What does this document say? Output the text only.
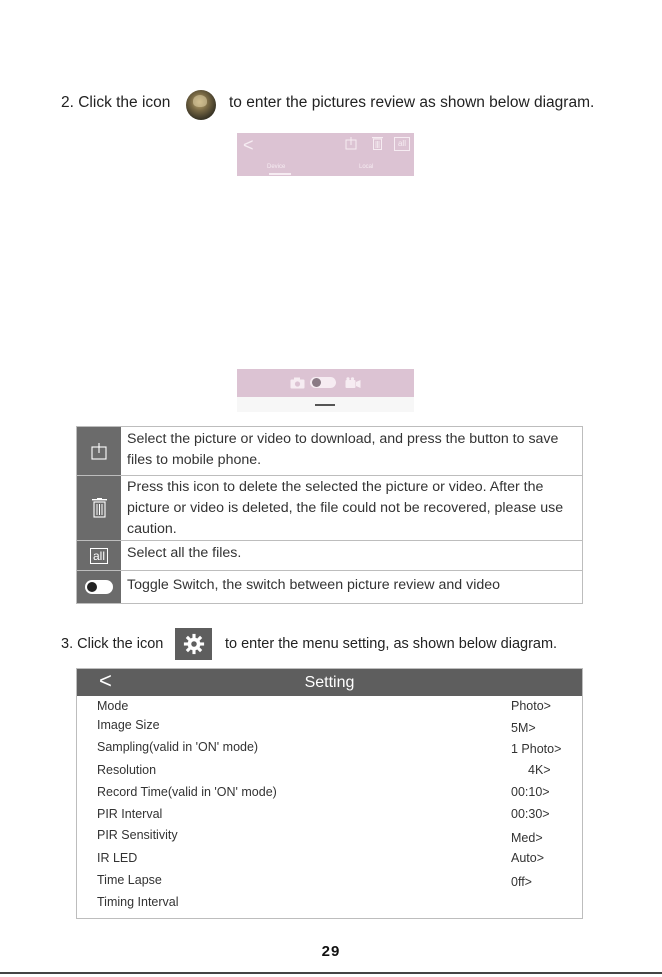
2. Click the icon	to enter the pictures review as shown below diagram.
<	all
Device	Local
Select the picture or video to download, and press the button to save files to mobile phone.
Press this icon to delete the selected the picture or video. After the picture or video is deleted, the file could not be recovered, please use caution.
all Select all the files.
Toggle Switch, the switch between picture review and video
3. Click the icon	to enter the menu setting, as shown below diagram.
<	Setting
Mode	Photo>
Image Size	5M>
Sampling(valid in 'ON' mode)	1 Photo>
Resolution	4K>
Record Time(valid in 'ON' mode)	00:10>
PIR Interval	00:30>
PIR Sensitivity	Med>
IR LED	Auto>
Time Lapse	0ff>
Timing Interval
29
